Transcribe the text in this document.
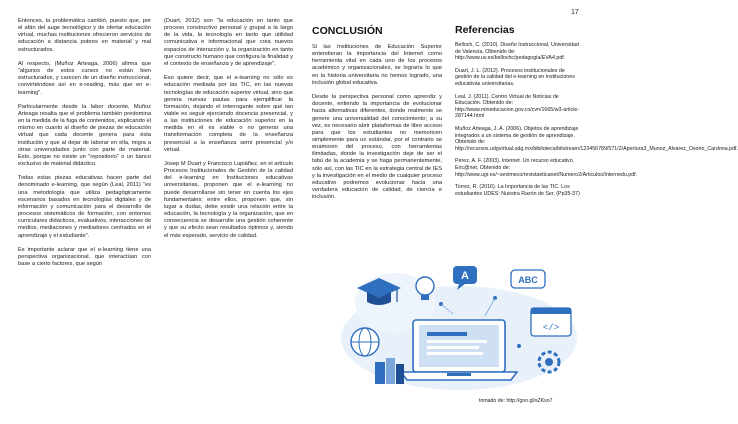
17

Entonces, la problemática cambió, puesto que, por el afán del auge tecnológico y de ofertar educación virtual, muchas instituciones ofrecieron servicios de educación a distancia pobres en material y mal estructurados.

Al respecto, (Muñoz Arteaga, 2006) afirma que "algunos de estos cursos no están bien estructurados, y carecen de un diseño instruccional, convirtiéndose así en e-reading, más que en e-learning".

Particularmente desde la labor docente, Muñoz Arteaga resalta que el problema también predomina en la medida de la fuga de contenidos, explicando el mismo en cuanto al diseño de piezas de educación virtual que cada docente genera para ésta institución y que al dejar de laborar en ella, migra a otras universidades junto con parte de material. Esto, porque no existe un "repositorio" o un banco exclusivo de material didáctico.

Todas estas piezas educativas hacen parte del denominado e-learning, que según (Leal, 2011) "es una metodología que utiliza pedagógicamente escenarios basados en tecnologías digitales y de información y comunicación para el desarrollo de procesos sistemáticos de formación, con entornos curriculares didácticos, evaluativos, interacciones de medios, mediaciones y mediadores centrados en el aprendizaje y el estudiante".

Es importante aclarar que el e-learning tiene una perspectiva organizacional, que interactúan con base a cierto factores, que según

(Duart, 2012) son "la educación en tanto que proceso constructivo personal y grupal a la largo de la vida, la tecnología en tanto que utilidad comunicativa e informacional que crea nuevos espacios de interacción y, la organización en tanto que constructo humano que configura la finalidad y el contexto de enseñanza y de aprendizaje".

Eso quiere decir, que el e-learning no sólo es educación mediada por las TIC, en las nuevas tecnologías de educación superior virtual, sino que genera nuevas pautas para ejemplificar la formación, dejando el interrogante sobre qué tan viable es seguir ejerciendo docencia presencial, y a las instituciones de educación superior en la medida en el es viable o no generar una transformación completa de la enseñanza presencial a la enseñanza semi presencial y/o virtual.

Josep M Duart y Francisco Lupiáñez, en el artículo Procesos Institucionales de Gestión de la calidad del e-learning en Instituciones educativas universitarias, proponen que el e-learning no puede desarrollarse sin tener en cuenta los ejes fundamentales; entre ellos, proponen que, sin lugar a dudas, debe existir una relación entre la educación, la tecnología y la organización, que en consecuencia se desarrolle una gestión coherente y que su efecto sean resultados óptimos y, siendo el más esperado, servicio de calidad.

CONCLUSIÓN

Si las Instituciones de Educación Superior entendieran la importancia del Internet como herramienta vital en cada uno de los procesos académico y organizacionales, se lograría lo que en la historia universitaria no hemos logrado, una inclusión global educativa.

Desde la perspectiva personal como aprendiz y docente, entiendo la importancia de evolucionar hacia alternativas diferentes, donde realmente se genere una universalidad del conocimiento; a su vez, es necesario abrir plataformas de libre acceso para que los estudiantes no memoricen simplemente para un estándar, por el contrario se enamoren del proceso, con herramientas ilimitadas, donde la investigación deje de ser el tabú de la academia y se haga permanentemente, sólo así, con las TIC en la estrategia central de IES y la investigación en el medio de cualquier proceso educativo podremos evolucionar hacia una verdadera educación de calidad, de ciencia e inclusión.

Referencias

Belloch, C. (2010). Diseño Instruccional, Universidad de Valencia, Obtenido de: http://www.uv.es/bellochc/pedagogia/EVA4.pdf.

Duart, J. L. (2012). Procesos institucionales de gestión de la calidad del e-learning en instituciones educativas universitarias.

Leal, J. (2011). Centro Virtual de Noticias de Educación. Obtenido de: http://www.mineducacion.gov.co/cvn/1665/w3-article-287144.html

Muñoz Arteaga, J. Á. (2006). Objetos de aprendizaje integrados a un sistema de gestión de aprendizaje. Obtenido de: http://recursos.udgvirtual.udg.mx/biblioteca/bitstream/123456789/571/2/Apertura3_Munoz_Alvarez_Osorio_Cardona.pdf.

Perez, A. F. (2003). Internet. Un recurso educativo. Eric@net, Obtenido de: http://www.ugr.es/~sevimeco/revistaeticanet/Numero2/Articulos/Internedu.pdf.

Torrez, R. (2016). La Importancia de las TIC. Los estudiantes UDES: Nuestra Razón de Ser. (Pp35-37)

A	ABC
</>
tomado de: http://goo.gl/sZKso7
